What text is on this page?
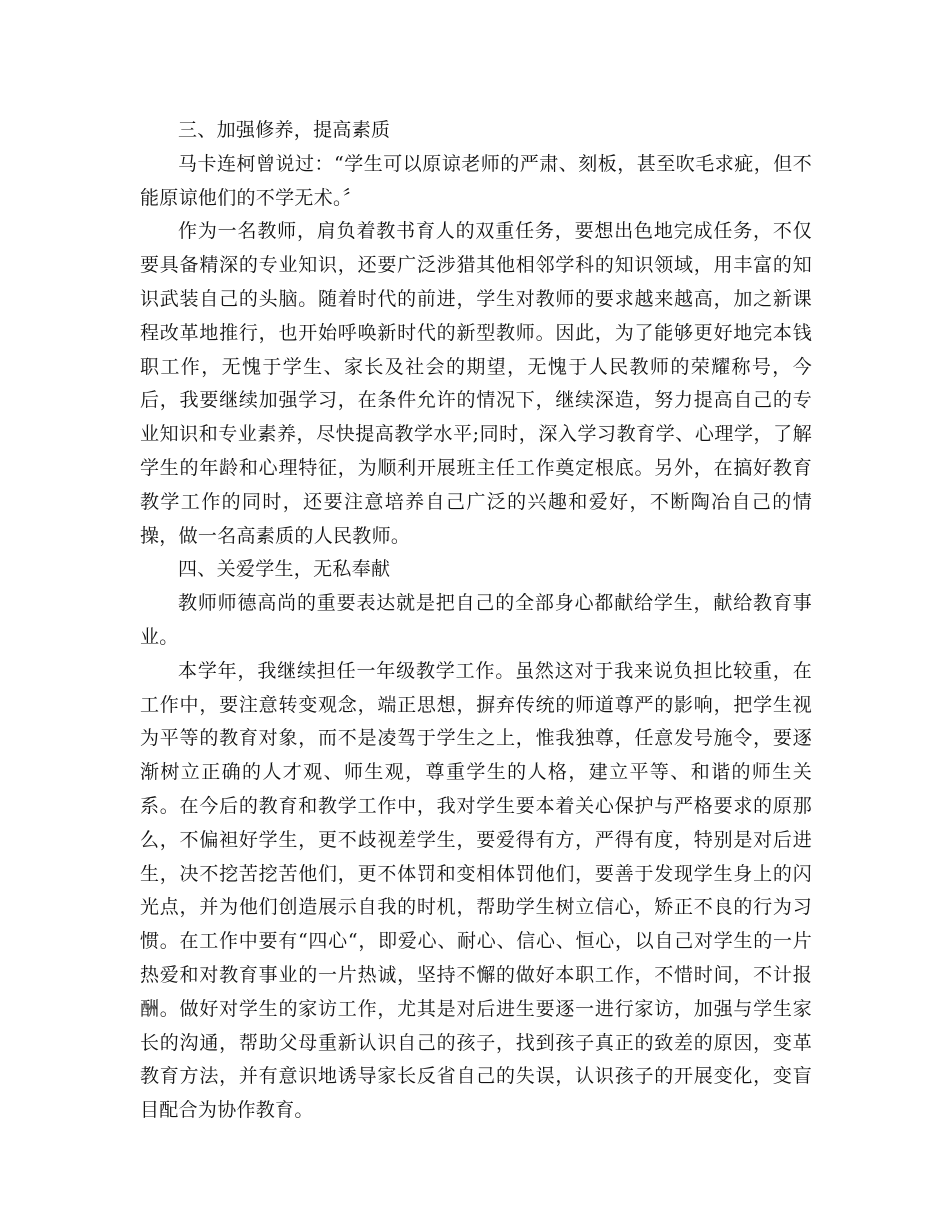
三、加强修养，提高素质

马卡连柯曾说过：“学生可以原谅老师的严肃、刻板，甚至吹毛求疵，但不能原谅他们的不学无术。〞

作为一名教师，肩负着教书育人的双重任务，要想出色地完成任务，不仅要具备精深的专业知识，还要广泛涉猎其他相邻学科的知识领域，用丰富的知识武装自己的头脑。随着时代的前进，学生对教师的要求越来越高，加之新课程改革地推行，也开始呼唤新时代的新型教师。因此，为了能够更好地完本钱职工作，无愧于学生、家长及社会的期望，无愧于人民教师的荣耀称号，今后，我要继续加强学习，在条件允许的情况下，继续深造，努力提高自己的专业知识和专业素养，尽快提高教学水平;同时，深入学习教育学、心理学，了解学生的年龄和心理特征，为顺利开展班主任工作奠定根底。另外，在搞好教育教学工作的同时，还要注意培养自己广泛的兴趣和爱好，不断陶冶自己的情操，做一名高素质的人民教师。

四、关爱学生，无私奉献

教师师德高尚的重要表达就是把自己的全部身心都献给学生，献给教育事业。

本学年，我继续担任一年级教学工作。虽然这对于我来说负担比较重，在工作中，要注意转变观念，端正思想，摒弃传统的师道尊严的影响，把学生视为平等的教育对象，而不是凌驾于学生之上，惟我独尊，任意发号施令，要逐渐树立正确的人才观、师生观，尊重学生的人格，建立平等、和谐的师生关系。在今后的教育和教学工作中，我对学生要本着关心保护与严格要求的原那么，不偏袒好学生，更不歧视差学生，要爱得有方，严得有度，特别是对后进生，决不挖苦挖苦他们，更不体罚和变相体罚他们，要善于发现学生身上的闪光点，并为他们创造展示自我的时机，帮助学生树立信心，矫正不良的行为习惯。在工作中要有“四心“，即爱心、耐心、信心、恒心，以自己对学生的一片热爱和对教育事业的一片热诚，坚持不懈的做好本职工作，不惜时间，不计报酬。做好对学生的家访工作，尤其是对后进生要逐一进行家访，加强与学生家长的沟通，帮助父母重新认识自己的孩子，找到孩子真正的致差的原因，变革教育方法，并有意识地诱导家长反省自己的失误，认识孩子的开展变化，变盲目配合为协作教育。
